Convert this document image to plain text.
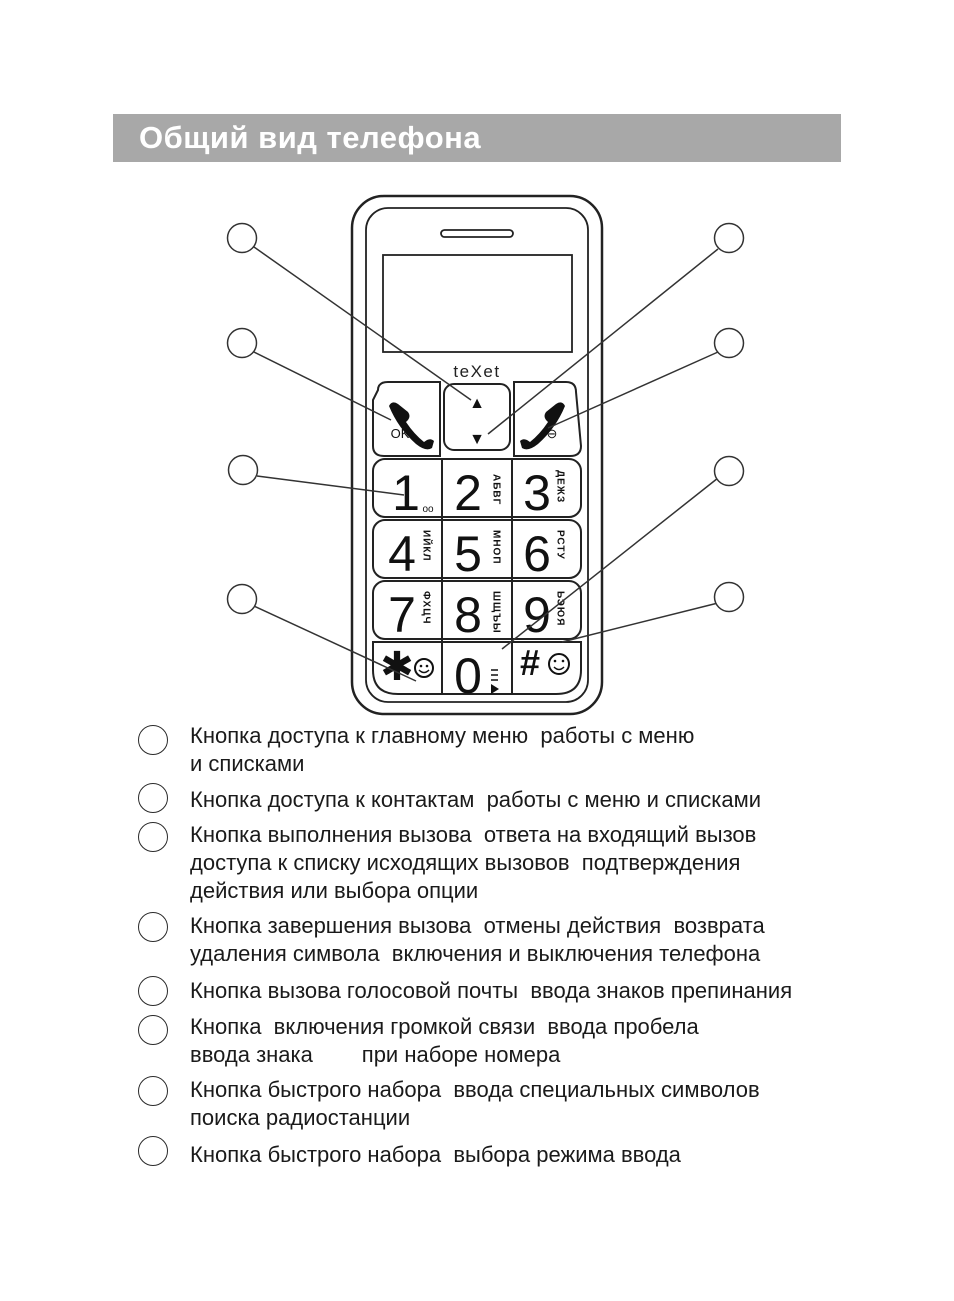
Общий вид телефона
teXet
▲
▼
OK	⊖
1 oo 2 АБВГ 3 ДЕЖЗ
4 ИЙКЛ 5 МНОП 6 РСТУ
7 ФХЦЧ 8 ШЩЪЫ 9 ЬЭЮЯ
✱ 0 #
Кнопка доступа к главному меню  работы с меню
и списками
Кнопка доступа к контактам  работы с меню и списками
Кнопка выполнения вызова  ответа на входящий вызов
доступа к списку исходящих вызовов  подтверждения
действия или выбора опции
Кнопка завершения вызова  отмены действия  возврата
удаления символа  включения и выключения телефона
Кнопка вызова голосовой почты  ввода знаков препинания
Кнопка  включения громкой связи  ввода пробела
ввода знака        при наборе номера
Кнопка быстрого набора  ввода специальных символов
поиска радиостанции
Кнопка быстрого набора  выбора режима ввода
